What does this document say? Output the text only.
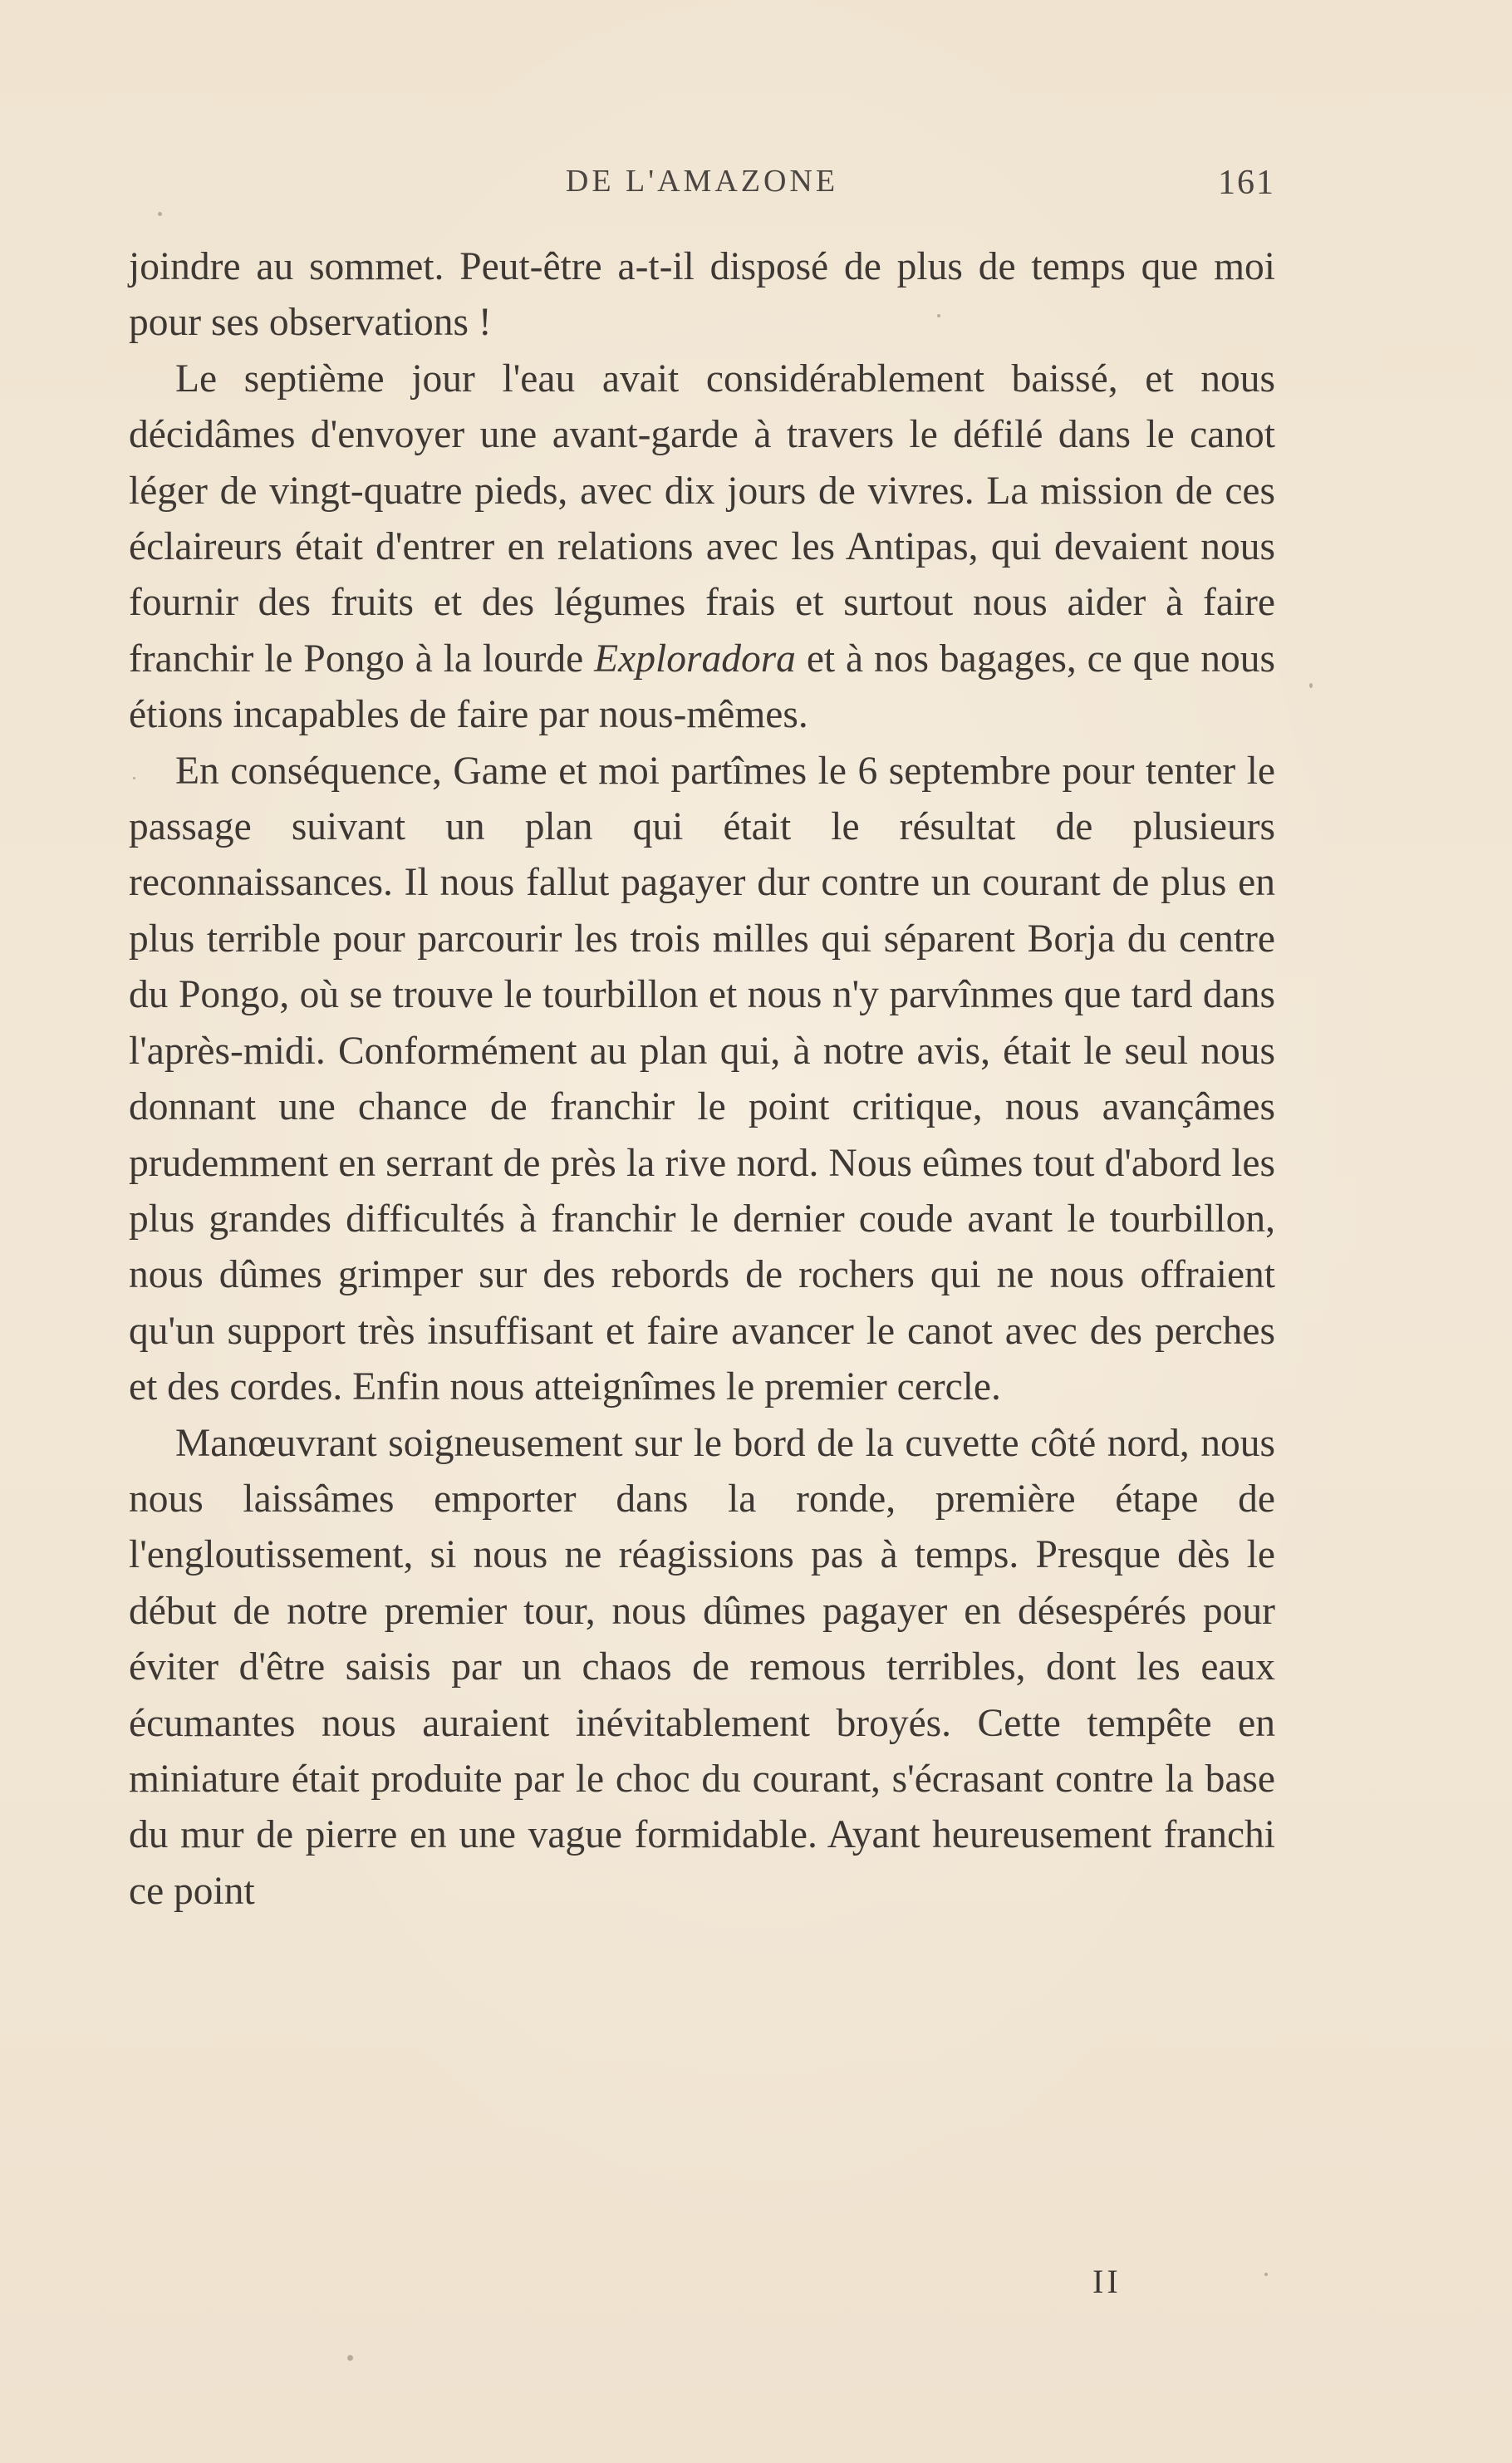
DE L'AMAZONE	161

joindre au sommet. Peut-être a-t-il disposé de plus de temps que moi pour ses observations !

Le septième jour l'eau avait considérablement baissé, et nous décidâmes d'envoyer une avant-garde à travers le défilé dans le canot léger de vingt-quatre pieds, avec dix jours de vivres. La mission de ces éclaireurs était d'entrer en relations avec les Antipas, qui devaient nous fournir des fruits et des légumes frais et surtout nous aider à faire franchir le Pongo à la lourde Exploradora et à nos bagages, ce que nous étions incapables de faire par nous-mêmes.

En conséquence, Game et moi partîmes le 6 septembre pour tenter le passage suivant un plan qui était le résultat de plusieurs reconnaissances. Il nous fallut pagayer dur contre un courant de plus en plus terrible pour parcourir les trois milles qui séparent Borja du centre du Pongo, où se trouve le tourbillon et nous n'y parvînmes que tard dans l'après-midi. Conformément au plan qui, à notre avis, était le seul nous donnant une chance de franchir le point critique, nous avançâmes prudemment en serrant de près la rive nord. Nous eûmes tout d'abord les plus grandes difficultés à franchir le dernier coude avant le tourbillon, nous dûmes grimper sur des rebords de rochers qui ne nous offraient qu'un support très insuffisant et faire avancer le canot avec des perches et des cordes. Enfin nous atteignîmes le premier cercle.

Manœuvrant soigneusement sur le bord de la cuvette côté nord, nous nous laissâmes emporter dans la ronde, première étape de l'engloutissement, si nous ne réagissions pas à temps. Presque dès le début de notre premier tour, nous dûmes pagayer en désespérés pour éviter d'être saisis par un chaos de remous terribles, dont les eaux écumantes nous auraient inévitablement broyés. Cette tempête en miniature était produite par le choc du courant, s'écrasant contre la base du mur de pierre en une vague formidable. Ayant heureusement franchi ce point

II
